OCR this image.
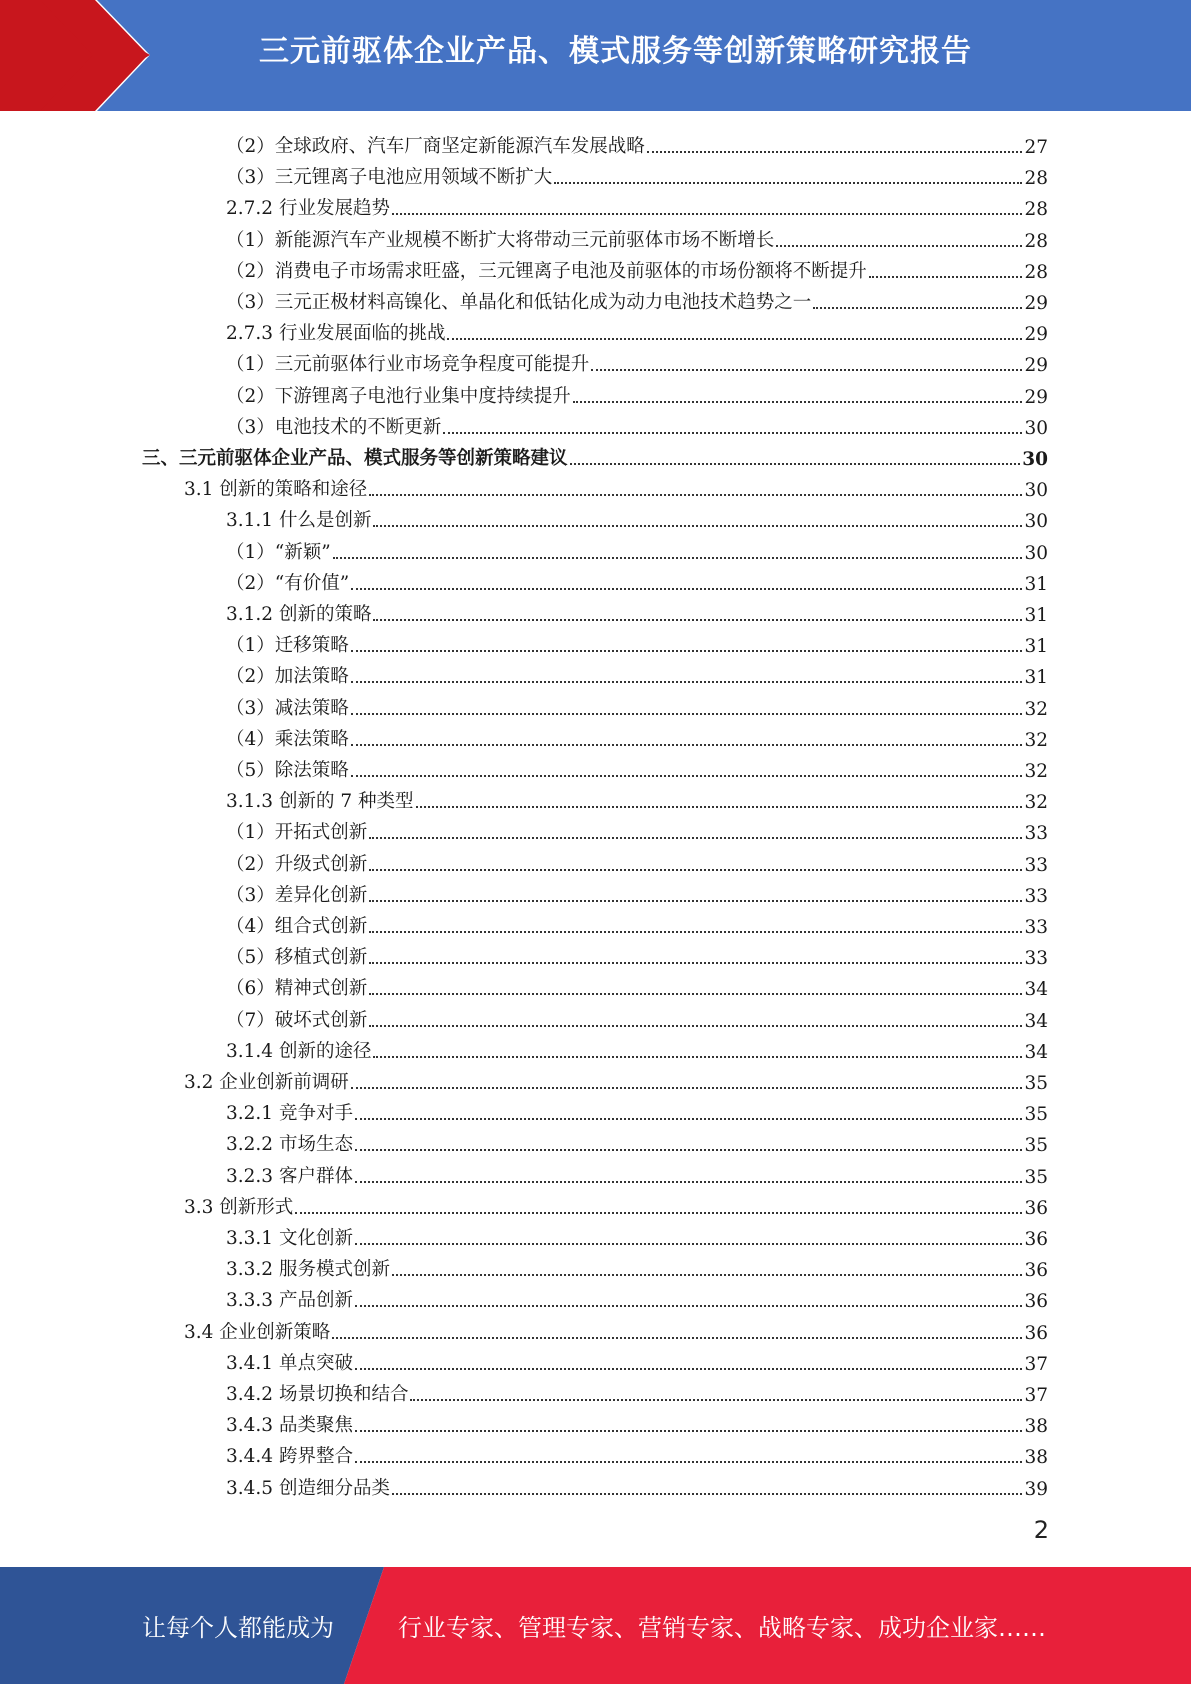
三元前驱体企业产品、模式服务等创新策略研究报告
（2）全球政府、汽车厂商坚定新能源汽车发展战略	27
（3）三元锂离子电池应用领域不断扩大	28
2.7.2 行业发展趋势	28
（1）新能源汽车产业规模不断扩大将带动三元前驱体市场不断增长	28
（2）消费电子市场需求旺盛，三元锂离子电池及前驱体的市场份额将不断提升	28
（3）三元正极材料高镍化、单晶化和低钴化成为动力电池技术趋势之一	29
2.7.3 行业发展面临的挑战	29
（1）三元前驱体行业市场竞争程度可能提升	29
（2）下游锂离子电池行业集中度持续提升	29
（3）电池技术的不断更新	30
三、三元前驱体企业产品、模式服务等创新策略建议	30
3.1 创新的策略和途径	30
3.1.1 什么是创新	30
（1）“新颖”	30
（2）“有价值”	31
3.1.2 创新的策略	31
（1）迁移策略	31
（2）加法策略	31
（3）减法策略	32
（4）乘法策略	32
（5）除法策略	32
3.1.3 创新的 7 种类型	32
（1）开拓式创新	33
（2）升级式创新	33
（3）差异化创新	33
（4）组合式创新	33
（5）移植式创新	33
（6）精神式创新	34
（7）破坏式创新	34
3.1.4 创新的途径	34
3.2 企业创新前调研	35
3.2.1 竞争对手	35
3.2.2 市场生态	35
3.2.3 客户群体	35
3.3 创新形式	36
3.3.1 文化创新	36
3.3.2 服务模式创新	36
3.3.3 产品创新	36
3.4 企业创新策略	36
3.4.1 单点突破	37
3.4.2 场景切换和结合	37
3.4.3 品类聚焦	38
3.4.4 跨界整合	38
3.4.5 创造细分品类	39
2
让每个人都能成为	行业专家、管理专家、营销专家、战略专家、成功企业家……
